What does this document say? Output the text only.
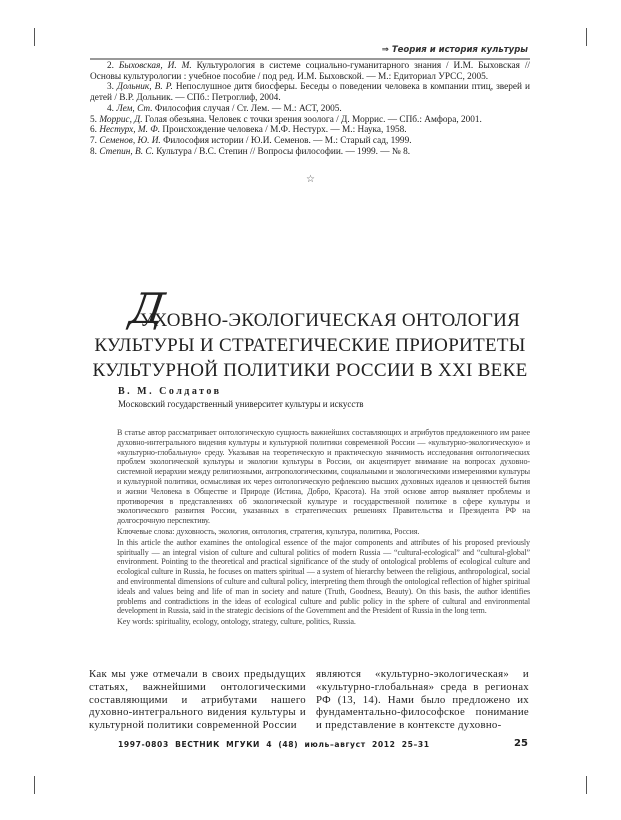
⇒ Теория и история культуры

2. Быховская, И. М. Культурология в системе социально-гуманитарного знания / И.М. Быховская // Основы культурологии : учебное пособие / под ред. И.М. Быховской. — М.: Едиториал УРСС, 2005.

3. Дольник, В. Р. Непослушное дитя биосферы. Беседы о поведении человека в компании птиц, зверей и детей / В.Р. Дольник. — СПб.: Петроглиф, 2004.

4. Лем, Ст. Философия случая / Ст. Лем. — М.: АСТ, 2005.

5. Моррис, Д. Голая обезьяна. Человек с точки зрения зоолога / Д. Моррис. — СПб.: Амфора, 2001.

6. Нестурх, М. Ф. Происхождение человека / М.Ф. Нестурх. — М.: Наука, 1958.

7. Семенов, Ю. И. Философия истории / Ю.И. Семенов. — М.: Старый сад, 1999.

8. Степин, В. С. Культура / В.С. Степин // Вопросы философии. — 1999. — № 8.

☆
Д
УХОВНО-ЭКОЛОГИЧЕСКАЯ ОНТОЛОГИЯ
КУЛЬТУРЫ И СТРАТЕГИЧЕСКИЕ ПРИОРИТЕТЫ
КУЛЬТУРНОЙ ПОЛИТИКИ РОССИИ В XXI ВЕКЕ
В. М. Солдатов
Московский государственный университет культуры и искусств

В статье автор рассматривает онтологическую сущность важнейших составляющих и атрибутов предложенного им ранее духовно-интегрального видения культуры и культурной политики современной России — «культурно-экологическую» и «культурно-глобальную» среду. Указывая на теоретическую и практическую значимость исследования онтологических проблем экологической культуры и экологии культуры в России, он акцентирует внимание на вопросах духовно-системной иерархии между религиозными, антропологическими, социальными и экологическими измерениями культуры и культурной политики, осмысливая их через онтологическую рефлексию высших духовных идеалов и ценностей бытия и жизни Человека в Обществе и Природе (Истина, Добро, Красота). На этой основе автор выявляет проблемы и противоречия в представлениях об экологической культуре и государственной политике в сфере культуры и экологического развития России, указанных в стратегических решениях Правительства и Президента РФ на долгосрочную перспективу.

Ключевые слова: духовность, экология, онтология, стратегия, культура, политика, Россия.

In this article the author examines the ontological essence of the major components and attributes of his proposed previously spiritually — an integral vision of culture and cultural politics of modern Russia — “cultural-ecological” and “cultural-global” environment. Pointing to the theoretical and practical significance of the study of ontological problems of ecological culture and ecological culture in Russia, he focuses on matters spiritual — a system of hierarchy between the religious, anthropological, social and environmental dimensions of culture and cultural policy, interpreting them through the ontological reflection of higher spiritual ideals and values being and life of man in society and nature (Truth, Goodness, Beauty). On this basis, the author identifies problems and contradictions in the ideas of ecological culture and public policy in the sphere of cultural and environmental development in Russia, said in the strategic decisions of the Government and the President of Russia in the long term.

Key words: spirituality, ecology, ontology, strategy, culture, politics, Russia.

Как мы уже отмечали в своих предыдущих статьях, важнейшими онтологическими составляющими и атрибутами нашего духовно-интегрального видения культуры и культурной политики современной России
являются «культурно-экологическая» и «культурно-глобальная» среда в регионах РФ (13, 14). Нами было предложено их фундаментально-философское понимание и представление в контексте духовно-
1997-0803 ВЕСТНИК МГУКИ 4 (48) июль–август 2012 25–31	25
